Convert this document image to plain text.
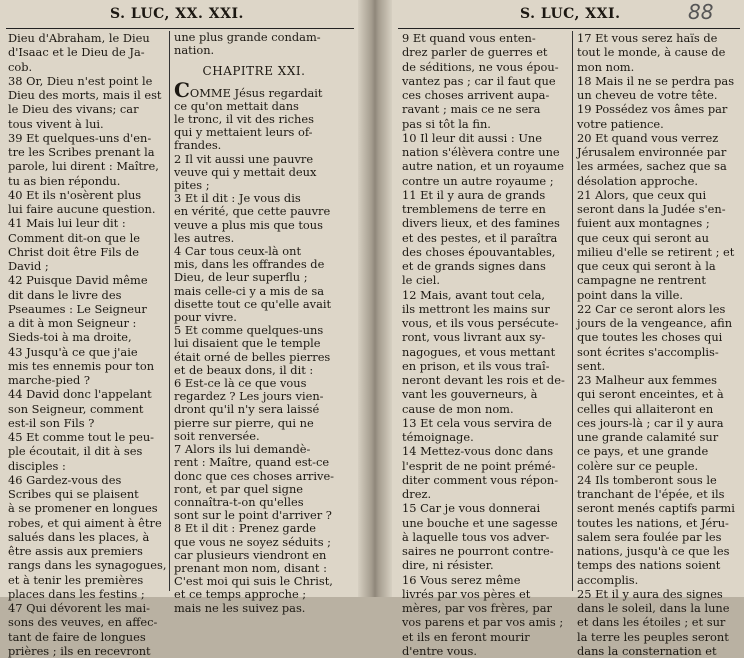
S. LUC, XX. XXI.
Dieu d'Abraham, le Dieu
d'Isaac et le Dieu de Ja-
cob.
38 Or, Dieu n'est point le
Dieu des morts, mais il est
le Dieu des vivans; car
tous vivent à lui.
39 Et quelques-uns d'en-
tre les Scribes prenant la
parole, lui dirent : Maître,
tu as bien répondu.
40 Et ils n'osèrent plus
lui faire aucune question.
41 Mais lui leur dit :
Comment dit-on que le
Christ doit être Fils de
David ;
42 Puisque David même
dit dans le livre des
Pseaumes : Le Seigneur
a dit à mon Seigneur :
Sieds-toi à ma droite,
43 Jusqu'à ce que j'aie
mis tes ennemis pour ton
marche-pied ?
44 David donc l'appelant
son Seigneur, comment
est-il son Fils ?
45 Et comme tout le peu-
ple écoutait, il dit à ses
disciples :
46 Gardez-vous des
Scribes qui se plaisent
à se promener en longues
robes, et qui aiment à être
salués dans les places, à
être assis aux premiers
rangs dans les synagogues,
et à tenir les premières
places dans les festins ;
47 Qui dévorent les mai-
sons des veuves, en affec-
tant de faire de longues
prières ; ils en recevront
une plus grande condam-
nation.
CHAPITRE XXI.
COMME Jésus regardait
ce qu'on mettait dans
le tronc, il vit des riches
qui y mettaient leurs of-
frandes.
2 Il vit aussi une pauvre
veuve qui y mettait deux
pites ;
3 Et il dit : Je vous dis
en vérité, que cette pauvre
veuve a plus mis que tous
les autres.
4 Car tous ceux-là ont
mis, dans les offrandes de
Dieu, de leur superflu ;
mais celle-ci y a mis de sa
disette tout ce qu'elle avait
pour vivre.
5 Et comme quelques-uns
lui disaient que le temple
était orné de belles pierres
et de beaux dons, il dit :
6 Est-ce là ce que vous
regardez ? Les jours vien-
dront qu'il n'y sera laissé
pierre sur pierre, qui ne
soit renversée.
7 Alors ils lui demandè-
rent : Maître, quand est-ce
donc que ces choses arrive-
ront, et par quel signe
connaîtra-t-on qu'elles
sont sur le point d'arriver ?
8 Et il dit : Prenez garde
que vous ne soyez séduits ;
car plusieurs viendront en
prenant mon nom, disant :
C'est moi qui suis le Christ,
et ce temps approche ;
mais ne les suivez pas.
S. LUC, XXI.	88
9 Et quand vous enten-
drez parler de guerres et
de séditions, ne vous épou-
vantez pas ; car il faut que
ces choses arrivent aupa-
ravant ; mais ce ne sera
pas si tôt la fin.
10 Il leur dit aussi : Une
nation s'élèvera contre une
autre nation, et un royaume
contre un autre royaume ;
11 Et il y aura de grands
tremblemens de terre en
divers lieux, et des famines
et des pestes, et il paraîtra
des choses épouvantables,
et de grands signes dans
le ciel.
12 Mais, avant tout cela,
ils mettront les mains sur
vous, et ils vous persécute-
ront, vous livrant aux sy-
nagogues, et vous mettant
en prison, et ils vous traî-
neront devant les rois et de-
vant les gouverneurs, à
cause de mon nom.
13 Et cela vous servira de
témoignage.
14 Mettez-vous donc dans
l'esprit de ne point prémé-
diter comment vous répon-
drez.
15 Car je vous donnerai
une bouche et une sagesse
à laquelle tous vos adver-
saires ne pourront contre-
dire, ni résister.
16 Vous serez même
livrés par vos pères et
mères, par vos frères, par
vos parens et par vos amis ;
et ils en feront mourir
d'entre vous.
17 Et vous serez haïs de
tout le monde, à cause de
mon nom.
18 Mais il ne se perdra pas
un cheveu de votre tête.
19 Possédez vos âmes par
votre patience.
20 Et quand vous verrez
Jérusalem environnée par
les armées, sachez que sa
désolation approche.
21 Alors, que ceux qui
seront dans la Judée s'en-
fuient aux montagnes ;
que ceux qui seront au
milieu d'elle se retirent ; et
que ceux qui seront à la
campagne ne rentrent
point dans la ville.
22 Car ce seront alors les
jours de la vengeance, afin
que toutes les choses qui
sont écrites s'accomplis-
sent.
23 Malheur aux femmes
qui seront enceintes, et à
celles qui allaiteront en
ces jours-là ; car il y aura
une grande calamité sur
ce pays, et une grande
colère sur ce peuple.
24 Ils tomberont sous le
tranchant de l'épée, et ils
seront menés captifs parmi
toutes les nations, et Jéru-
salem sera foulée par les
nations, jusqu'à ce que les
temps des nations soient
accomplis.
25 Et il y aura des signes
dans le soleil, dans la lune
et dans les étoiles ; et sur
la terre les peuples seront
dans la consternation et
